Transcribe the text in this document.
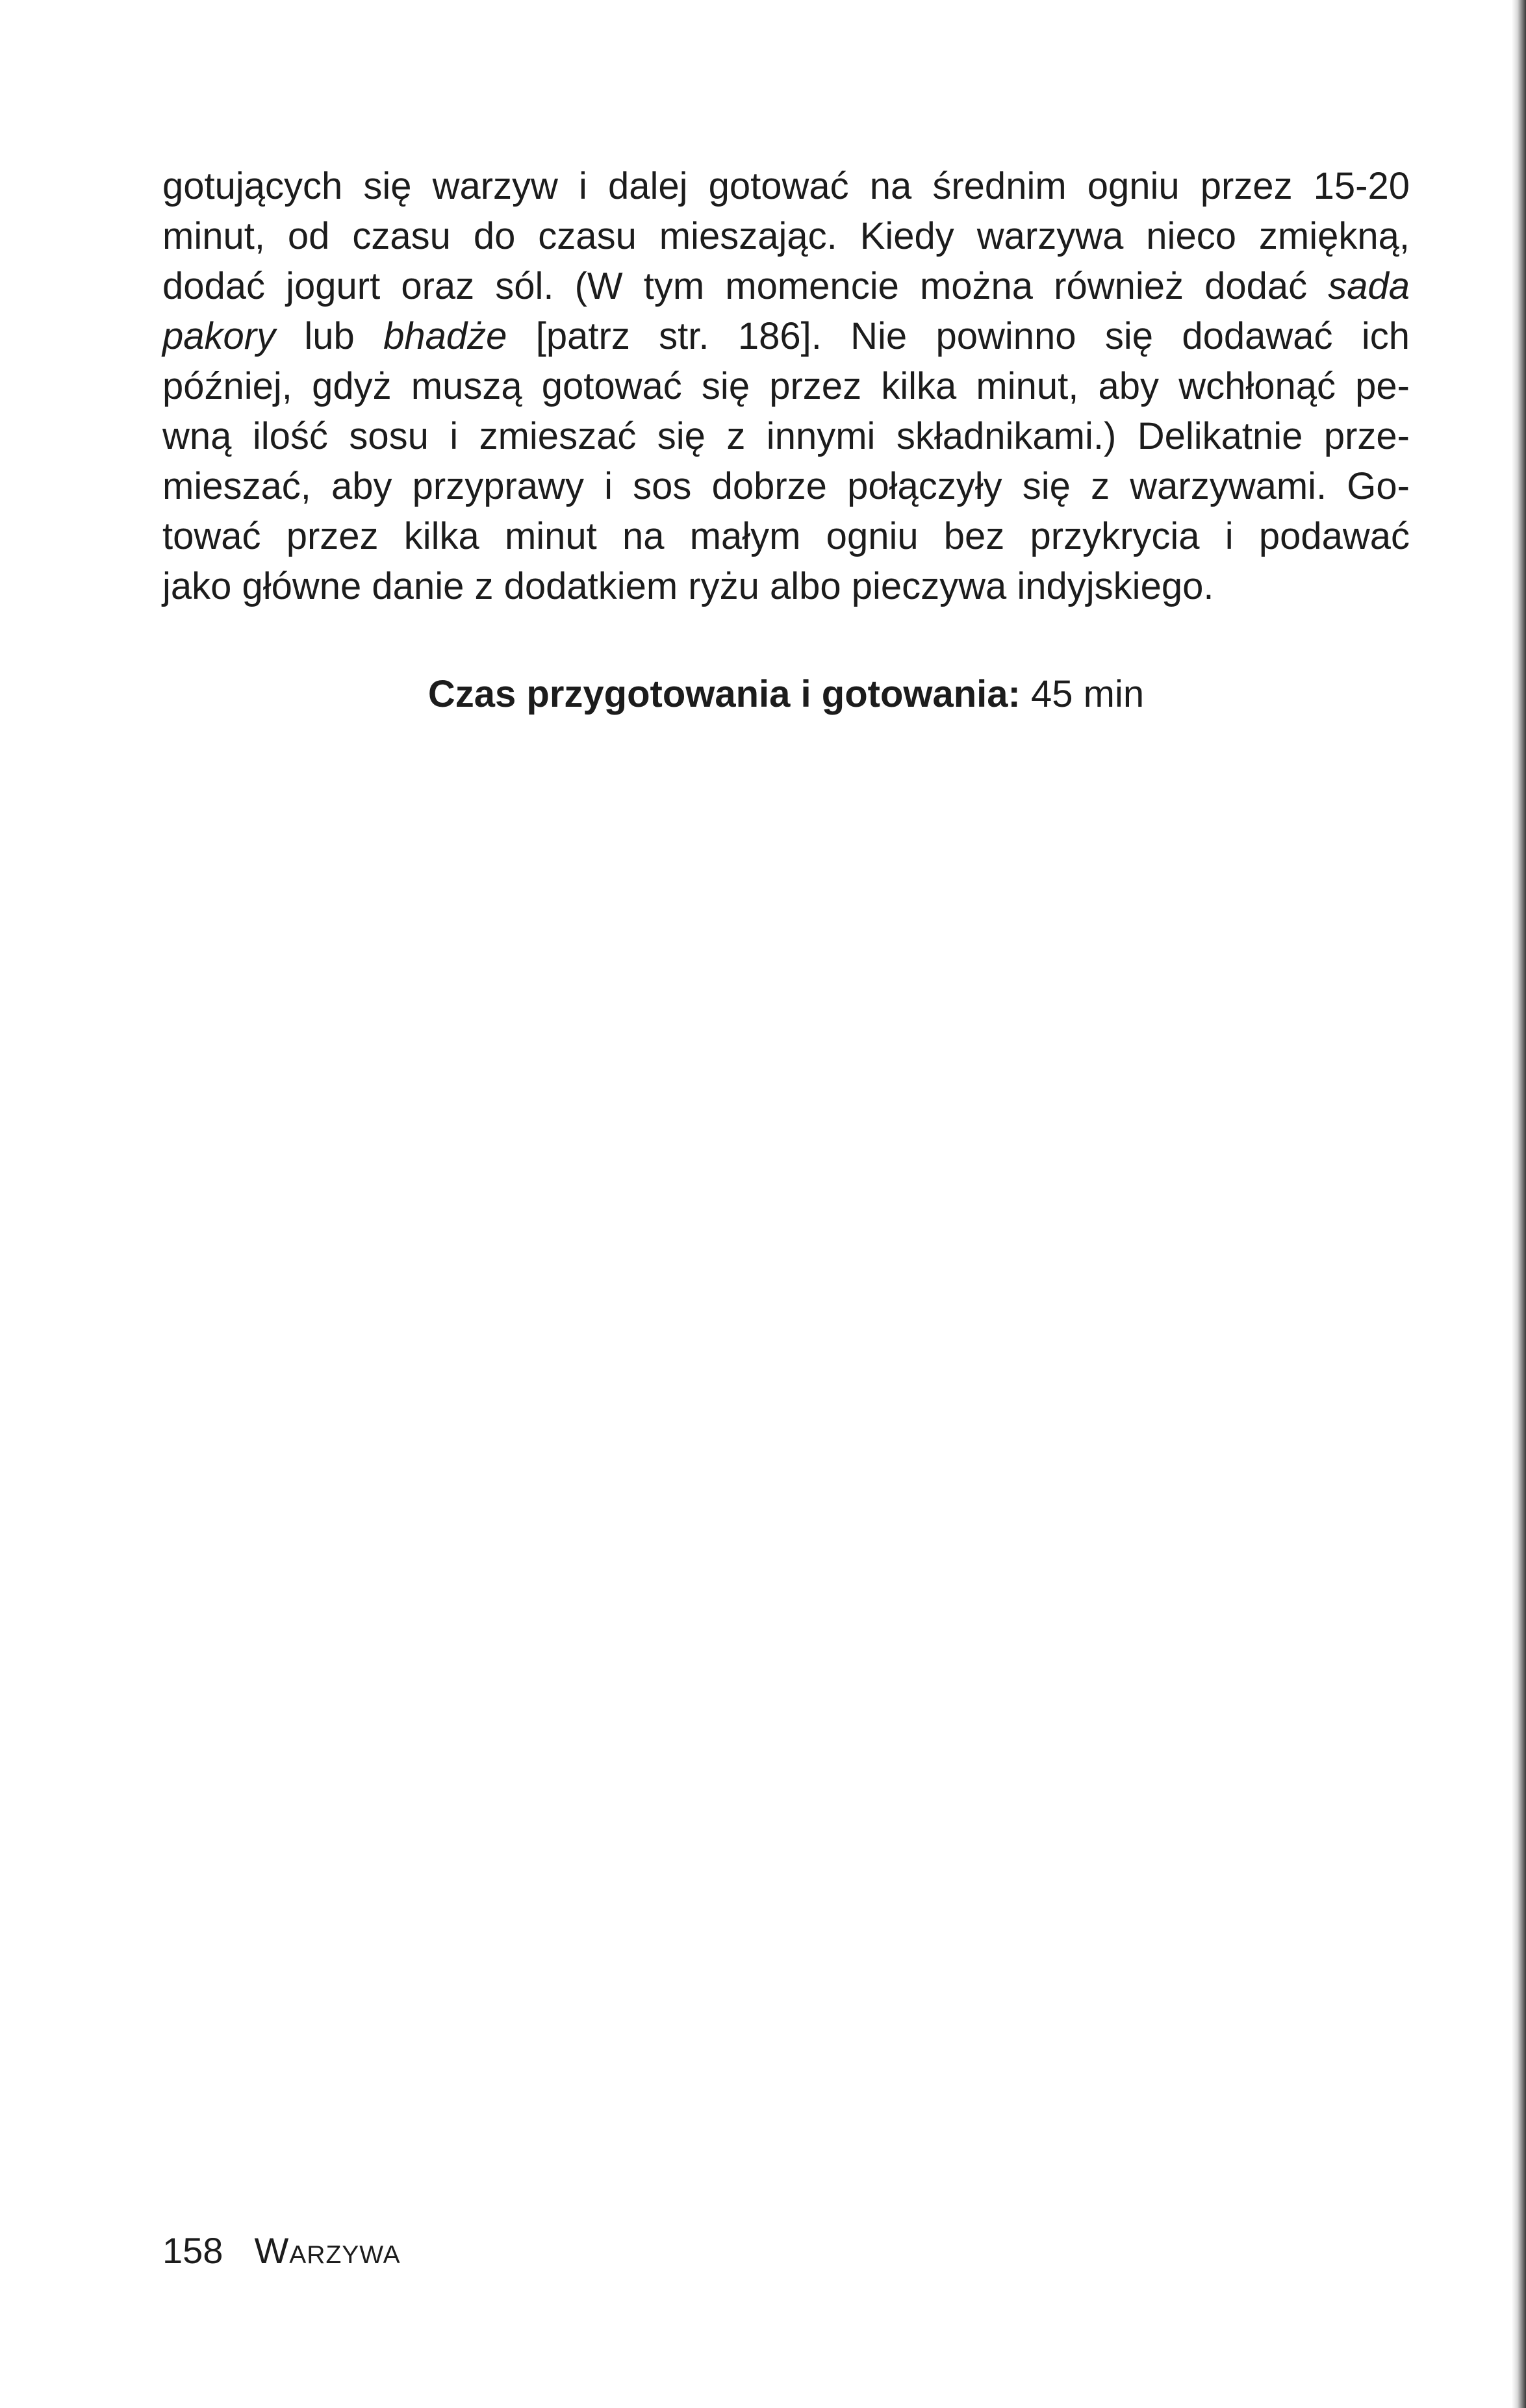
gotujących się warzyw i dalej gotować na średnim ogniu przez 15-20
minut, od czasu do czasu mieszając. Kiedy warzywa nieco zmiękną,
dodać jogurt oraz sól. (W tym momencie można również dodać sada
pakory lub bhadże [patrz str. 186]. Nie powinno się dodawać ich
później, gdyż muszą gotować się przez kilka minut, aby wchłonąć pe-
wną ilość sosu i zmieszać się z innymi składnikami.) Delikatnie prze-
mieszać, aby przyprawy i sos dobrze połączyły się z warzywami. Go-
tować przez kilka minut na małym ogniu bez przykrycia i podawać
jako główne danie z dodatkiem ryżu albo pieczywa indyjskiego.
Czas przygotowania i gotowania: 45 min
158 Warzywa
